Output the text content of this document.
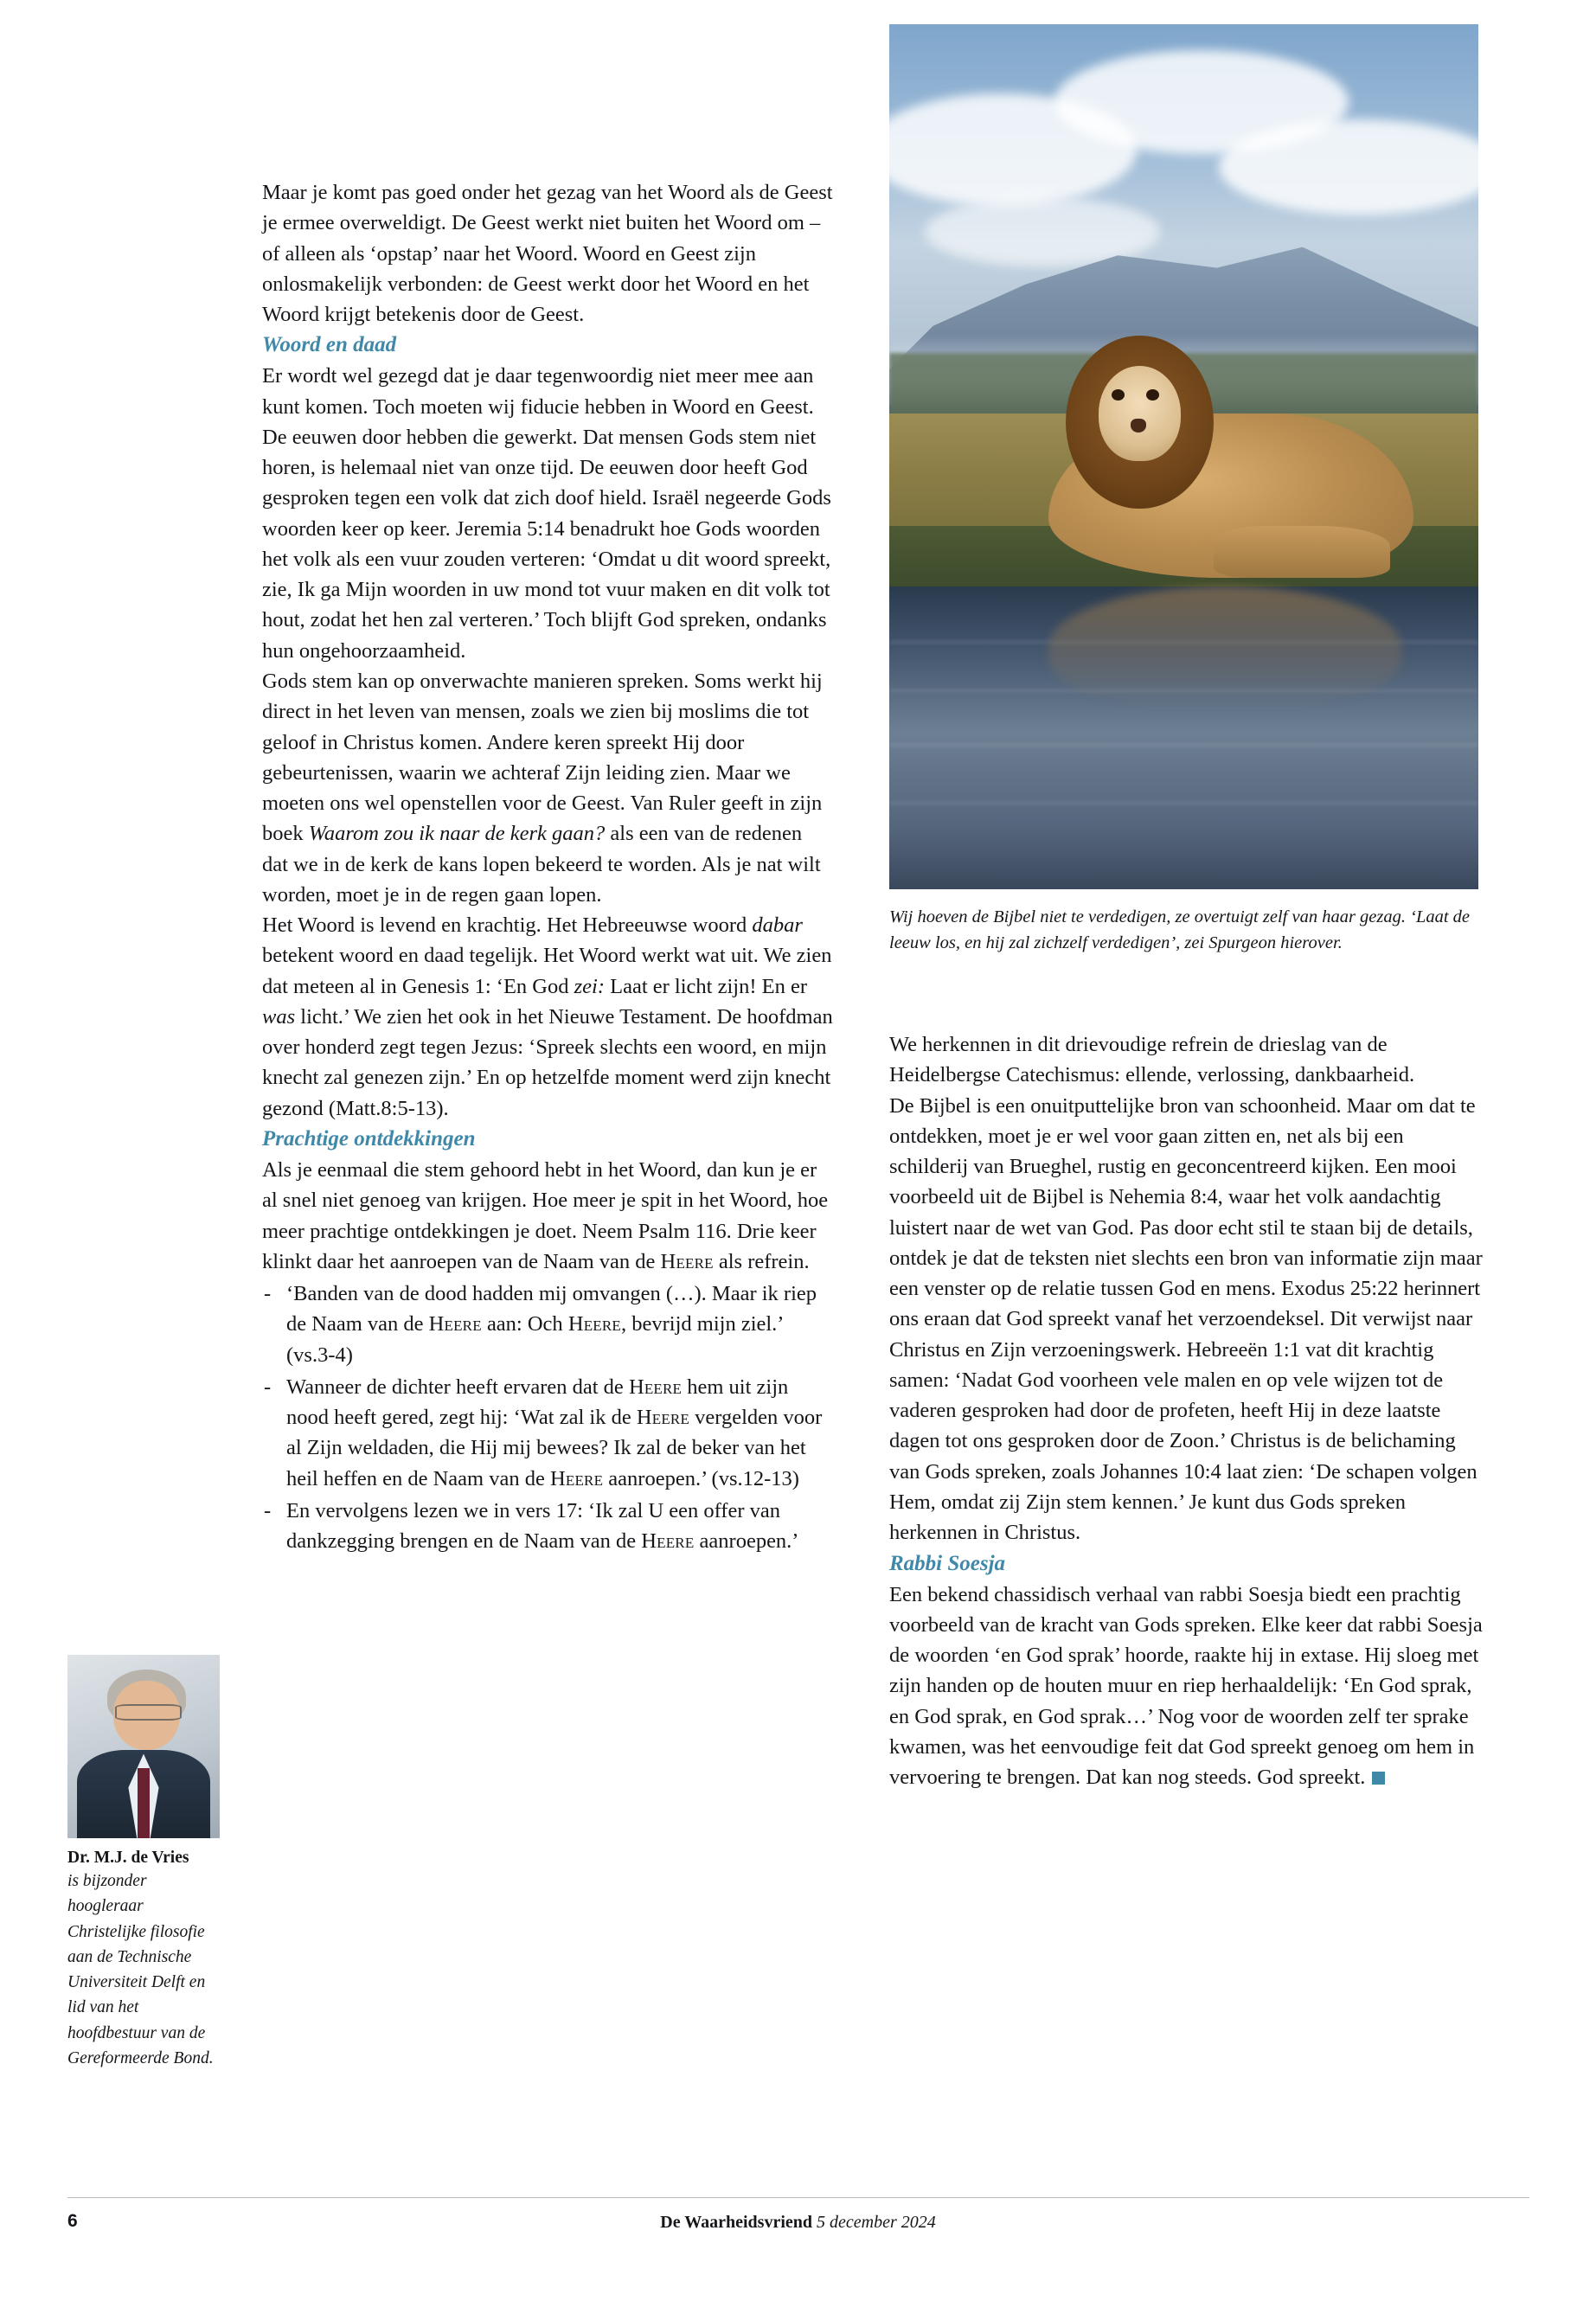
Wij hoeven de Bijbel niet te verdedigen, ze overtuigt zelf van haar gezag. ‘Laat de leeuw los, en hij zal zichzelf verdedigen’, zei Spurgeon hierover.

Maar je komt pas goed onder het gezag van het Woord als de Geest je ermee overweldigt. De Geest werkt niet buiten het Woord om – of alleen als ‘opstap’ naar het Woord. Woord en Geest zijn onlosmakelijk verbonden: de Geest werkt door het Woord en het Woord krijgt betekenis door de Geest.

Woord en daad

Er wordt wel gezegd dat je daar tegenwoordig niet meer mee aan kunt komen. Toch moeten wij fiducie hebben in Woord en Geest. De eeuwen door hebben die gewerkt. Dat mensen Gods stem niet horen, is helemaal niet van onze tijd. De eeuwen door heeft God gesproken tegen een volk dat zich doof hield. Israël negeerde Gods woorden keer op keer. Jeremia 5:14 benadrukt hoe Gods woorden het volk als een vuur zouden verteren: ‘Omdat u dit woord spreekt, zie, Ik ga Mijn woorden in uw mond tot vuur maken en dit volk tot hout, zodat het hen zal verteren.’ Toch blijft God spreken, ondanks hun ongehoorzaamheid.

Gods stem kan op onverwachte manieren spreken. Soms werkt hij direct in het leven van mensen, zoals we zien bij moslims die tot geloof in Christus komen. Andere keren spreekt Hij door gebeurtenissen, waarin we achteraf Zijn leiding zien. Maar we moeten ons wel openstellen voor de Geest. Van Ruler geeft in zijn boek Waarom zou ik naar de kerk gaan? als een van de redenen dat we in de kerk de kans lopen bekeerd te worden. Als je nat wilt worden, moet je in de regen gaan lopen.

Het Woord is levend en krachtig. Het Hebreeuwse woord dabar betekent woord en daad tegelijk. Het Woord werkt wat uit. We zien dat meteen al in Genesis 1: ‘En God zei: Laat er licht zijn! En er was licht.’ We zien het ook in het Nieuwe Testament. De hoofdman over honderd zegt tegen Jezus: ‘Spreek slechts een woord, en mijn knecht zal genezen zijn.’ En op hetzelfde moment werd zijn knecht gezond (Matt.8:5-13).

Prachtige ontdekkingen

Als je eenmaal die stem gehoord hebt in het Woord, dan kun je er al snel niet genoeg van krijgen. Hoe meer je spit in het Woord, hoe meer prachtige ontdekkingen je doet. Neem Psalm 116. Drie keer klinkt daar het aanroepen van de Naam van de Heere als refrein.

- ‘Banden van de dood hadden mij omvangen (…). Maar ik riep de Naam van de Heere aan: Och Heere, bevrijd mijn ziel.’ (vs.3-4)
- Wanneer de dichter heeft ervaren dat de Heere hem uit zijn nood heeft gered, zegt hij: ‘Wat zal ik de Heere vergelden voor al Zijn weldaden, die Hij mij bewees? Ik zal de beker van het heil heffen en de Naam van de Heere aanroepen.’ (vs.12-13)
- En vervolgens lezen we in vers 17: ‘Ik zal U een offer van dankzegging brengen en de Naam van de Heere aanroepen.’

We herkennen in dit drievoudige refrein de drieslag van de Heidelbergse Catechismus: ellende, verlossing, dankbaarheid.

De Bijbel is een onuitputtelijke bron van schoonheid. Maar om dat te ontdekken, moet je er wel voor gaan zitten en, net als bij een schilderij van Brueghel, rustig en geconcentreerd kijken. Een mooi voorbeeld uit de Bijbel is Nehemia 8:4, waar het volk aandachtig luistert naar de wet van God. Pas door echt stil te staan bij de details, ontdek je dat de teksten niet slechts een bron van informatie zijn maar een venster op de relatie tussen God en mens. Exodus 25:22 herinnert ons eraan dat God spreekt vanaf het verzoendeksel. Dit verwijst naar Christus en Zijn verzoeningswerk. Hebreeën 1:1 vat dit krachtig samen: ‘Nadat God voorheen vele malen en op vele wijzen tot de vaderen gesproken had door de profeten, heeft Hij in deze laatste dagen tot ons gesproken door de Zoon.’ Christus is de belichaming van Gods spreken, zoals Johannes 10:4 laat zien: ‘De schapen volgen Hem, omdat zij Zijn stem kennen.’ Je kunt dus Gods spreken herkennen in Christus.

Rabbi Soesja

Een bekend chassidisch verhaal van rabbi Soesja biedt een prachtig voorbeeld van de kracht van Gods spreken. Elke keer dat rabbi Soesja de woorden ‘en God sprak’ hoorde, raakte hij in extase. Hij sloeg met zijn handen op de houten muur en riep herhaaldelijk: ‘En God sprak, en God sprak, en God sprak…’ Nog voor de woorden zelf ter sprake kwamen, was het eenvoudige feit dat God spreekt genoeg om hem in vervoering te brengen. Dat kan nog steeds. God spreekt.

Dr. M.J. de Vries
is bijzonder hoogleraar Christelijke filosofie aan de Technische Universiteit Delft en lid van het hoofdbestuur van de Gereformeerde Bond.
6	De Waarheidsvriend 5 december 2024
